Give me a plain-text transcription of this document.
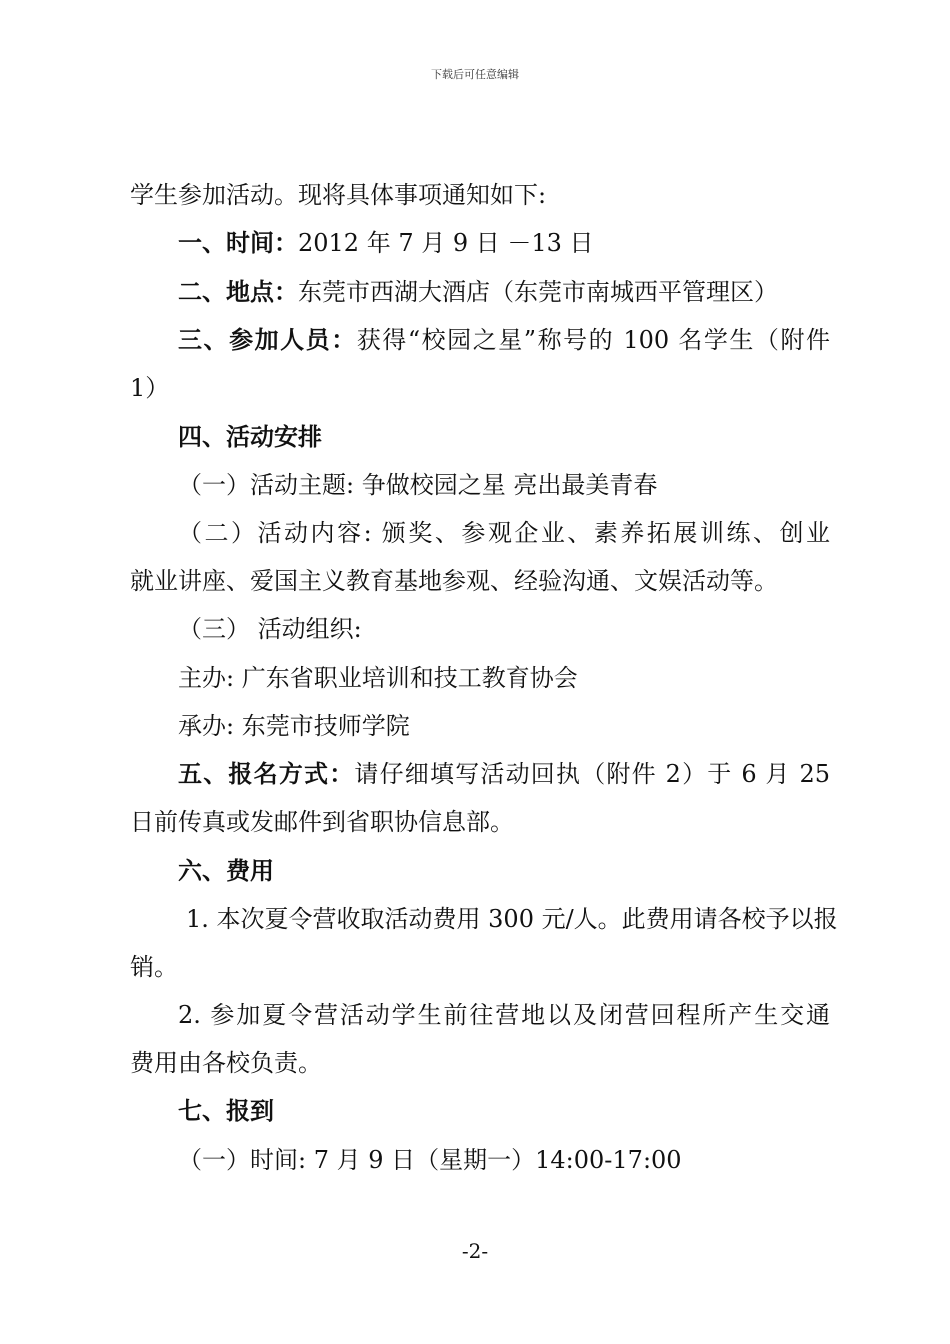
下载后可任意编辑
学生参加活动。现将具体事项通知如下:
一、时间：2012 年 7 月 9 日 －13 日
二、地点：东莞市西湖大酒店（东莞市南城西平管理区）
三、参加人员：获得“校园之星”称号的 100 名学生（附件
1）
四、活动安排
（一）活动主题: 争做校园之星 亮出最美青春
（二）活动内容: 颁奖、参观企业、素养拓展训练、创业
就业讲座、爱国主义教育基地参观、经验沟通、文娱活动等。
（三） 活动组织:
主办: 广东省职业培训和技工教育协会
承办: 东莞市技师学院
五、报名方式：请仔细填写活动回执（附件 2）于 6 月 25
日前传真或发邮件到省职协信息部。
六、费用
1. 本次夏令营收取活动费用 300 元/人。此费用请各校予以报
销。
2. 参加夏令营活动学生前往营地以及闭营回程所产生交通
费用由各校负责。
七、报到
（一）时间: 7 月 9 日（星期一）14:00-17:00
-2-
